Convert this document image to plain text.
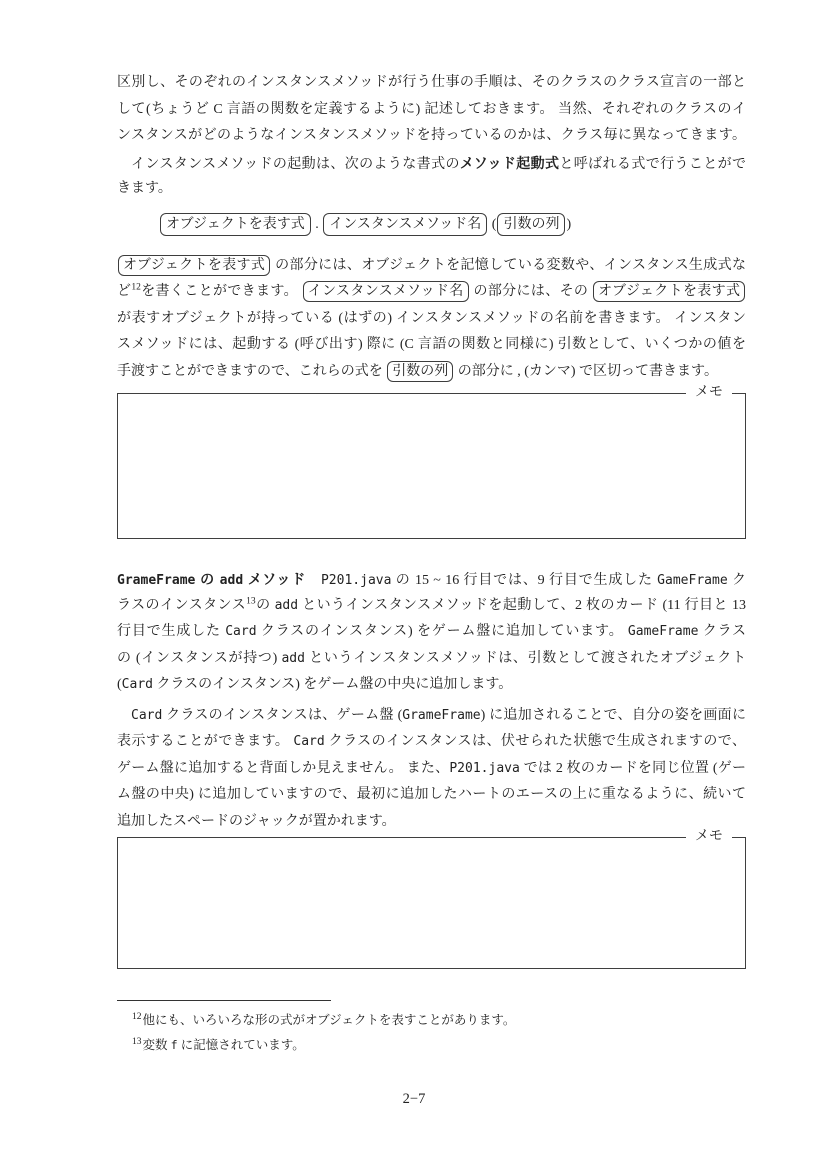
区別し、そのぞれのインスタンスメソッドが行う仕事の手順は、そのクラスのクラス宣言の一部と
して(ちょうど C 言語の関数を定義するように) 記述しておきます。 当然、それぞれのクラスのイ
ンスタンスがどのようなインスタンスメソッドを持っているのかは、クラス毎に異なってきます。
インスタンスメソッドの起動は、次のような書式のメソッド起動式と呼ばれる式で行うことがで
きます。
オブジェクトを表す式 . インスタンスメソッド名 ( 引数の列 )
オブジェクトを表す式 の部分には、オブジェクトを記憶している変数や、インスタンス生成式な
ど$^{12}$を書くことができます。 インスタンスメソッド名 の部分には、その オブジェクトを表す式
が表すオブジェクトが持っている (はずの) インスタンスメソッドの名前を書きます。 インスタン
スメソッドには、起動する (呼び出す) 際に (C 言語の関数と同様に) 引数として、いくつかの値を
手渡すことができますので、これらの式を 引数の列 の部分に , (カンマ) で区切って書きます。
メモ
GrameFrame の add メソッド　 P201.java の 15 ~ 16 行目では、9 行目で生成した GameFrame ク
ラスのインスタンス$^{13}$の add というインスタンスメソッドを起動して、2 枚のカード (11 行目と 13
行目で生成した Card クラスのインスタンス) をゲーム盤に追加しています。 GameFrame クラス
の (インスタンスが持つ) add というインスタンスメソッドは、引数として渡されたオブジェクト
(Card クラスのインスタンス) をゲーム盤の中央に追加します。
Card クラスのインスタンスは、ゲーム盤 (GrameFrame) に追加されることで、自分の姿を画面に
表示することができます。 Card クラスのインスタンスは、伏せられた状態で生成されますので、
ゲーム盤に追加すると背面しか見えません。 また、P201.java では 2 枚のカードを同じ位置 (ゲー
ム盤の中央) に追加していますので、最初に追加したハートのエースの上に重なるように、続いて
追加したスペードのジャックが置かれます。
メモ
$^{12}$他にも、いろいろな形の式がオブジェクトを表すことがあります。
$^{13}$変数 f に記憶されています。
2−7
